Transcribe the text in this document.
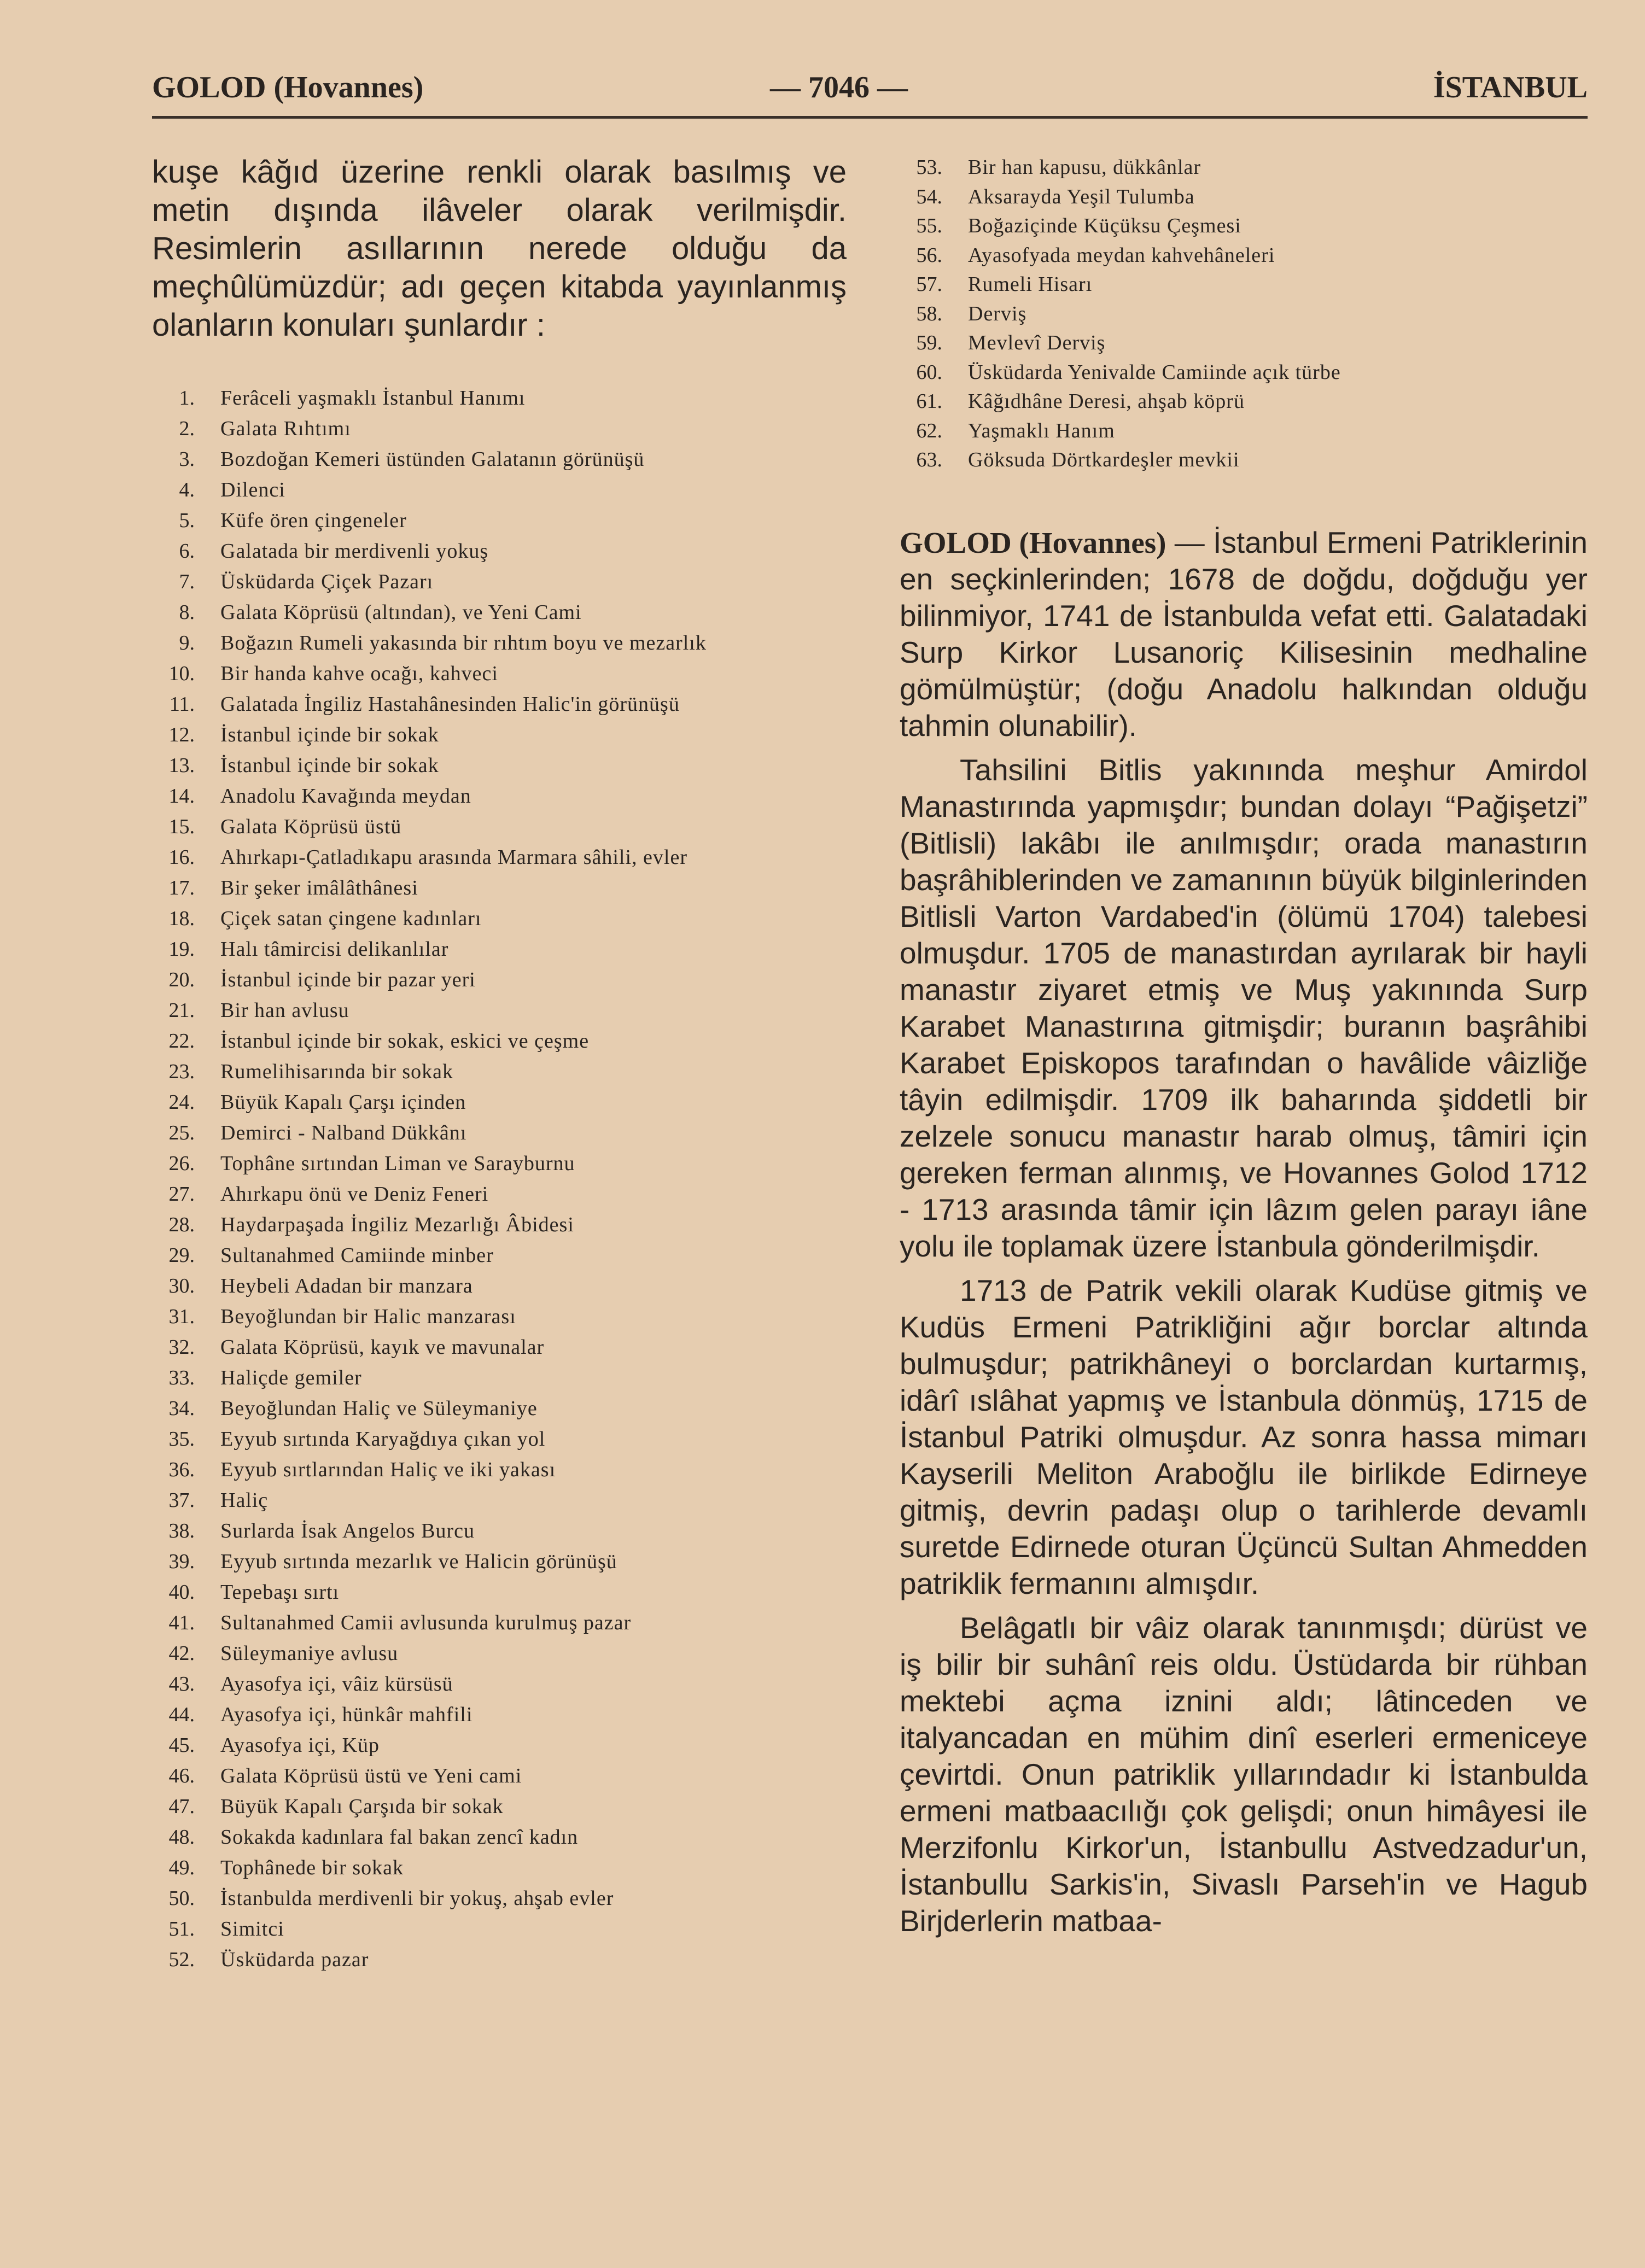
GOLOD (Hovannes)	— 7046 —	İSTANBUL

kuşe kâğıd üzerine renkli olarak basılmış ve metin dışında ilâveler olarak verilmişdir. Resimlerin asıllarının nerede olduğu da meçhûlümüzdür; adı geçen kitabda yayınlanmış olanların konuları şunlardır :

1. Ferâceli yaşmaklı İstanbul Hanımı
2. Galata Rıhtımı
3. Bozdoğan Kemeri üstünden Galatanın görünüşü
4. Dilenci
5. Küfe ören çingeneler
6. Galatada bir merdivenli yokuş
7. Üsküdarda Çiçek Pazarı
8. Galata Köprüsü (altından), ve Yeni Cami
9. Boğazın Rumeli yakasında bir rıhtım boyu ve mezarlık
10. Bir handa kahve ocağı, kahveci
11. Galatada İngiliz Hastahânesinden Halic'in görünüşü
12. İstanbul içinde bir sokak
13. İstanbul içinde bir sokak
14. Anadolu Kavağında meydan
15. Galata Köprüsü üstü
16. Ahırkapı-Çatladıkapu arasında Marmara sâhili, evler
17. Bir şeker imâlâthânesi
18. Çiçek satan çingene kadınları
19. Halı tâmircisi delikanlılar
20. İstanbul içinde bir pazar yeri
21. Bir han avlusu
22. İstanbul içinde bir sokak, eskici ve çeşme
23. Rumelihisarında bir sokak
24. Büyük Kapalı Çarşı içinden
25. Demirci - Nalband Dükkânı
26. Tophâne sırtından Liman ve Sarayburnu
27. Ahırkapu önü ve Deniz Feneri
28. Haydarpaşada İngiliz Mezarlığı Âbidesi
29. Sultanahmed Camiinde minber
30. Heybeli Adadan bir manzara
31. Beyoğlundan bir Halic manzarası
32. Galata Köprüsü, kayık ve mavunalar
33. Haliçde gemiler
34. Beyoğlundan Haliç ve Süleymaniye
35. Eyyub sırtında Karyağdıya çıkan yol
36. Eyyub sırtlarından Haliç ve iki yakası
37. Haliç
38. Surlarda İsak Angelos Burcu
39. Eyyub sırtında mezarlık ve Halicin görünüşü
40. Tepebaşı sırtı
41. Sultanahmed Camii avlusunda kurulmuş pazar
42. Süleymaniye avlusu
43. Ayasofya içi, vâiz kürsüsü
44. Ayasofya içi, hünkâr mahfili
45. Ayasofya içi, Küp
46. Galata Köprüsü üstü ve Yeni cami
47. Büyük Kapalı Çarşıda bir sokak
48. Sokakda kadınlara fal bakan zencî kadın
49. Tophânede bir sokak
50. İstanbulda merdivenli bir yokuş, ahşab evler
51. Simitci
52. Üsküdarda pazar
53. Bir han kapusu, dükkânlar
54. Aksarayda Yeşil Tulumba
55. Boğaziçinde Küçüksu Çeşmesi
56. Ayasofyada meydan kahvehâneleri
57. Rumeli Hisarı
58. Derviş
59. Mevlevî Derviş
60. Üsküdarda Yenivalde Camiinde açık türbe
61. Kâğıdhâne Deresi, ahşab köprü
62. Yaşmaklı Hanım
63. Göksuda Dörtkardeşler mevkii

GOLOD (Hovannes) — İstanbul Ermeni Patriklerinin en seçkinlerinden; 1678 de doğdu, doğduğu yer bilinmiyor, 1741 de İstanbulda vefat etti. Galatadaki Surp Kirkor Lusanoriç Kilisesinin medhaline gömülmüştür; (doğu Anadolu halkından olduğu tahmin olunabilir).

Tahsilini Bitlis yakınında meşhur Amirdol Manastırında yapmışdır; bundan dolayı “Pağişetzi” (Bitlisli) lakâbı ile anılmışdır; orada manastırın başrâhiblerinden ve zamanının büyük bilginlerinden Bitlisli Varton Vardabed'in (ölümü 1704) talebesi olmuşdur. 1705 de manastırdan ayrılarak bir hayli manastır ziyaret etmiş ve Muş yakınında Surp Karabet Manastırına gitmişdir; buranın başrâhibi Karabet Episkopos tarafından o havâlide vâizliğe tâyin edilmişdir. 1709 ilk baharında şiddetli bir zelzele sonucu manastır harab olmuş, tâmiri için gereken ferman alınmış, ve Hovannes Golod 1712 - 1713 arasında tâmir için lâzım gelen parayı iâne yolu ile toplamak üzere İstanbula gönderilmişdir.

1713 de Patrik vekili olarak Kudüse gitmiş ve Kudüs Ermeni Patrikliğini ağır borclar altında bulmuşdur; patrikhâneyi o borclardan kurtarmış, idârî ıslâhat yapmış ve İstanbula dönmüş, 1715 de İstanbul Patriki olmuşdur. Az sonra hassa mimarı Kayserili Meliton Araboğlu ile birlikde Edirneye gitmiş, devrin padaşı olup o tarihlerde devamlı suretde Edirnede oturan Üçüncü Sultan Ahmedden patriklik fermanını almışdır.

Belâgatlı bir vâiz olarak tanınmışdı; dürüst ve iş bilir bir suhânî reis oldu. Üstüdarda bir rühban mektebi açma iznini aldı; lâtinceden ve italyancadan en mühim dinî eserleri ermeniceye çevirtdi. Onun patriklik yıllarındadır ki İstanbulda ermeni matbaacılığı çok gelişdi; onun himâyesi ile Merzifonlu Kirkor'un, İstanbullu Astvedzadur'un, İstanbullu Sarkis'in, Sivaslı Parseh'in ve Hagub Birjderlerin matbaa-
